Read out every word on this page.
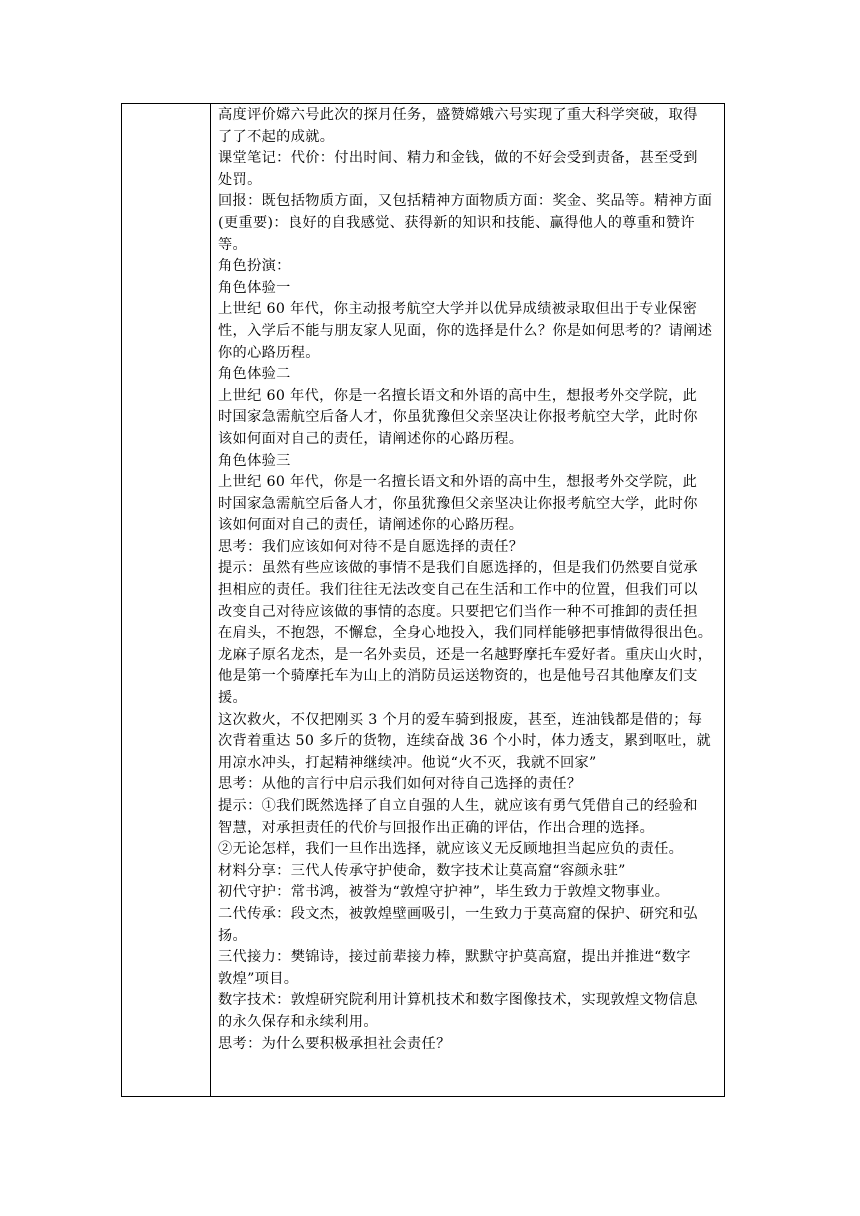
高度评价嫦六号此次的探月任务，盛赞嫦娥六号实现了重大科学突破，取得
了了不起的成就。
课堂笔记：代价：付出时间、精力和金钱，做的不好会受到责备，甚至受到
处罚。
回报：既包括物质方面，又包括精神方面物质方面：奖金、奖品等。精神方面
(更重要)：良好的自我感觉、获得新的知识和技能、赢得他人的尊重和赞许
等。
角色扮演：
角色体验一
上世纪 60 年代，你主动报考航空大学并以优异成绩被录取但出于专业保密
性，入学后不能与朋友家人见面，你的选择是什么？你是如何思考的？请阐述
你的心路历程。
角色体验二
上世纪 60 年代，你是一名擅长语文和外语的高中生，想报考外交学院，此
时国家急需航空后备人才，你虽犹豫但父亲坚决让你报考航空大学，此时你
该如何面对自己的责任，请阐述你的心路历程。
角色体验三
上世纪 60 年代，你是一名擅长语文和外语的高中生，想报考外交学院，此
时国家急需航空后备人才，你虽犹豫但父亲坚决让你报考航空大学，此时你
该如何面对自己的责任，请阐述你的心路历程。
思考：我们应该如何对待不是自愿选择的责任？
提示：虽然有些应该做的事情不是我们自愿选择的，但是我们仍然要自觉承
担相应的责任。我们往往无法改变自己在生活和工作中的位置，但我们可以
改变自己对待应该做的事情的态度。只要把它们当作一种不可推卸的责任担
在肩头，不抱怨，不懈怠，全身心地投入，我们同样能够把事情做得很出色。
龙麻子原名龙杰，是一名外卖员，还是一名越野摩托车爱好者。重庆山火时，
他是第一个骑摩托车为山上的消防员运送物资的，也是他号召其他摩友们支
援。
这次救火，不仅把刚买 3 个月的爱车骑到报废，甚至，连油钱都是借的；每
次背着重达 50 多斤的货物，连续奋战 36 个小时，体力透支，累到呕吐，就
用凉水冲头，打起精神继续冲。他说“火不灭，我就不回家”
思考：从他的言行中启示我们如何对待自己选择的责任？
提示：①我们既然选择了自立自强的人生，就应该有勇气凭借自己的经验和
智慧，对承担责任的代价与回报作出正确的评估，作出合理的选择。
②无论怎样，我们一旦作出选择，就应该义无反顾地担当起应负的责任。
材料分享：三代人传承守护使命，数字技术让莫高窟“容颜永驻”
初代守护：常书鸿，被誉为“敦煌守护神”，毕生致力于敦煌文物事业。
二代传承：段文杰，被敦煌壁画吸引，一生致力于莫高窟的保护、研究和弘
扬。
三代接力：樊锦诗，接过前辈接力棒，默默守护莫高窟，提出并推进“数字
敦煌”项目。
数字技术：敦煌研究院利用计算机技术和数字图像技术，实现敦煌文物信息
的永久保存和永续利用。
思考：为什么要积极承担社会责任？
